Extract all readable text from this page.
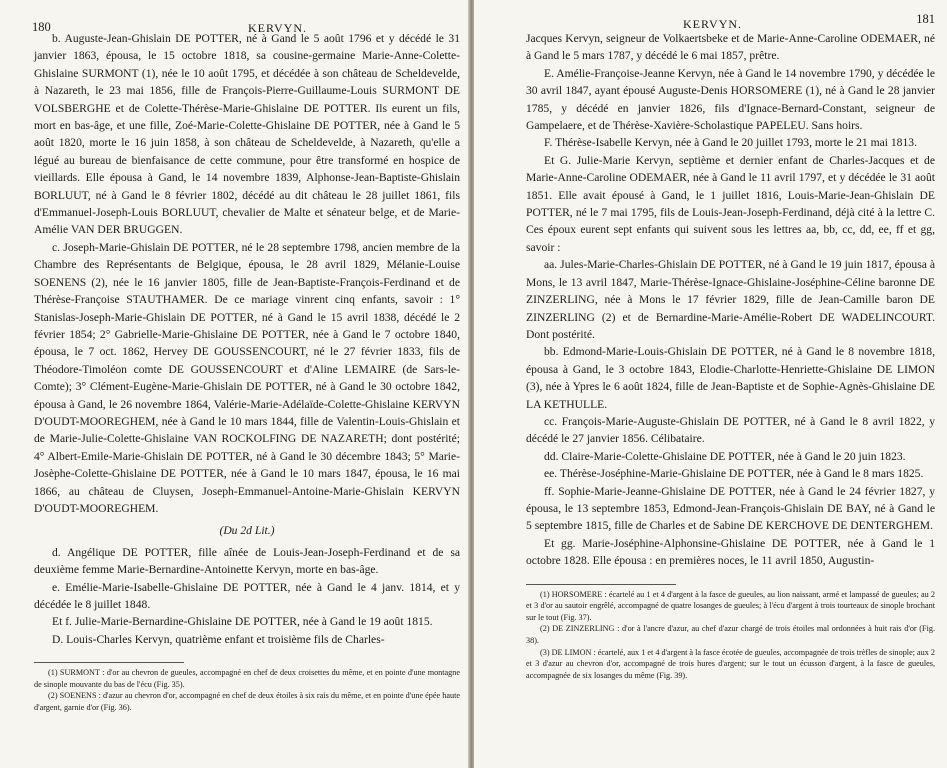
180	KERVYN.

b. Auguste-Jean-Ghislain DE POTTER, né à Gand le 5 août 1796 et y décédé le 31 janvier 1863, épousa, le 15 octobre 1818, sa cousine-germaine Marie-Anne-Colette-Ghislaine SURMONT (1), née le 10 août 1795, et décédée à son château de Scheldevelde, à Nazareth, le 23 mai 1856, fille de François-Pierre-Guillaume-Louis SURMONT DE VOLSBERGHE et de Colette-Thérèse-Marie-Ghislaine DE POTTER. Ils eurent un fils, mort en bas-âge, et une fille, Zoé-Marie-Colette-Ghislaine DE POTTER, née à Gand le 5 août 1820, morte le 16 juin 1858, à son château de Scheldevelde, à Nazareth, qu'elle a légué au bureau de bienfaisance de cette commune, pour être transformé en hospice de vieillards. Elle épousa à Gand, le 14 novembre 1839, Alphonse-Jean-Baptiste-Ghislain BORLUUT, né à Gand le 8 février 1802, décédé au dit château le 28 juillet 1861, fils d'Emmanuel-Joseph-Louis BORLUUT, chevalier de Malte et sénateur belge, et de Marie-Amélie VAN DER BRUGGEN.

c. Joseph-Marie-Ghislain DE POTTER, né le 28 septembre 1798, ancien membre de la Chambre des Représentants de Belgique, épousa, le 28 avril 1829, Mélanie-Louise SOENENS (2), née le 16 janvier 1805, fille de Jean-Baptiste-François-Ferdinand et de Thérèse-Françoise STAUTHAMER. De ce mariage vinrent cinq enfants, savoir : 1° Stanislas-Joseph-Marie-Ghislain DE POTTER, né à Gand le 15 avril 1838, décédé le 2 février 1854; 2° Gabrielle-Marie-Ghislaine DE POTTER, née à Gand le 7 octobre 1840, épousa, le 7 oct. 1862, Hervey DE GOUSSENCOURT, né le 27 février 1833, fils de Théodore-Timoléon comte DE GOUSSENCOURT et d'Aline LEMAIRE (de Sars-le-Comte); 3° Clément-Eugène-Marie-Ghislain DE POTTER, né à Gand le 30 octobre 1842, épousa à Gand, le 26 novembre 1864, Valérie-Marie-Adélaïde-Colette-Ghislaine KERVYN D'OUDT-MOOREGHEM, née à Gand le 10 mars 1844, fille de Valentin-Louis-Ghislain et de Marie-Julie-Colette-Ghislaine VAN ROCKOLFING DE NAZARETH; dont postérité; 4° Albert-Emile-Marie-Ghislain DE POTTER, né à Gand le 30 décembre 1843; 5° Marie-Josèphe-Colette-Ghislaine DE POTTER, née à Gand le 10 mars 1847, épousa, le 16 mai 1866, au château de Cluysen, Joseph-Emmanuel-Antoine-Marie-Ghislain KERVYN D'OUDT-MOOREGHEM.

(Du 2d Lit.)

d. Angélique DE POTTER, fille aînée de Louis-Jean-Joseph-Ferdinand et de sa deuxième femme Marie-Bernardine-Antoinette Kervyn, morte en bas-âge.

e. Emélie-Marie-Isabelle-Ghislaine DE POTTER, née à Gand le 4 janv. 1814, et y décédée le 8 juillet 1848.

Et f. Julie-Marie-Bernardine-Ghislaine DE POTTER, née à Gand le 19 août 1815.

D. Louis-Charles Kervyn, quatrième enfant et troisième fils de Charles-

(1) SURMONT : d'or au chevron de gueules, accompagné en chef de deux croisettes du même, et en pointe d'une montagne de sinople mouvante du bas de l'écu (Fig. 35).

(2) SOENENS : d'azur au chevron d'or, accompagné en chef de deux étoiles à six rais du même, et en pointe d'une épée haute d'argent, garnie d'or (Fig. 36).

KERVYN.	181

Jacques Kervyn, seigneur de Volkaertsbeke et de Marie-Anne-Caroline ODEMAER, né à Gand le 5 mars 1787, y décédé le 6 mai 1857, prêtre.

E. Amélie-Françoise-Jeanne Kervyn, née à Gand le 14 novembre 1790, y décédée le 30 avril 1847, ayant épousé Auguste-Denis HORSOMERE (1), né à Gand le 28 janvier 1785, y décédé en janvier 1826, fils d'Ignace-Bernard-Constant, seigneur de Gampelaere, et de Thérèse-Xavière-Scholastique PAPELEU. Sans hoirs.

F. Thérèse-Isabelle Kervyn, née à Gand le 20 juillet 1793, morte le 21 mai 1813.

Et G. Julie-Marie Kervyn, septième et dernier enfant de Charles-Jacques et de Marie-Anne-Caroline ODEMAER, née à Gand le 11 avril 1797, et y décédée le 31 août 1851. Elle avait épousé à Gand, le 1 juillet 1816, Louis-Marie-Jean-Ghislain DE POTTER, né le 7 mai 1795, fils de Louis-Jean-Joseph-Ferdinand, déjà cité à la lettre C. Ces époux eurent sept enfants qui suivent sous les lettres aa, bb, cc, dd, ee, ff et gg, savoir :

aa. Jules-Marie-Charles-Ghislain DE POTTER, né à Gand le 19 juin 1817, épousa à Mons, le 13 avril 1847, Marie-Thérèse-Ignace-Ghislaine-Joséphine-Céline baronne DE ZINZERLING, née à Mons le 17 février 1829, fille de Jean-Camille baron DE ZINZERLING (2) et de Bernardine-Marie-Amélie-Robert DE WADELINCOURT. Dont postérité.

bb. Edmond-Marie-Louis-Ghislain DE POTTER, né à Gand le 8 novembre 1818, épousa à Gand, le 3 octobre 1843, Elodie-Charlotte-Henriette-Ghislaine DE LIMON (3), née à Ypres le 6 août 1824, fille de Jean-Baptiste et de Sophie-Agnès-Ghislaine DE LA KETHULLE.

cc. François-Marie-Auguste-Ghislain DE POTTER, né à Gand le 8 avril 1822, y décédé le 27 janvier 1856. Célibataire.

dd. Claire-Marie-Colette-Ghislaine DE POTTER, née à Gand le 20 juin 1823.

ee. Thérèse-Joséphine-Marie-Ghislaine DE POTTER, née à Gand le 8 mars 1825.

ff. Sophie-Marie-Jeanne-Ghislaine DE POTTER, née à Gand le 24 février 1827, y épousa, le 13 septembre 1853, Edmond-Jean-François-Ghislain DE BAY, né à Gand le 5 septembre 1815, fille de Charles et de Sabine DE KERCHOVE DE DENTERGHEM.

Et gg. Marie-Joséphine-Alphonsine-Ghislaine DE POTTER, née à Gand le 1 octobre 1828. Elle épousa : en premières noces, le 11 avril 1850, Augustin-

(1) HORSOMERE : écartelé au 1 et 4 d'argent à la fasce de gueules, au lion naissant, armé et lampassé de gueules; au 2 et 3 d'or au sautoir engrêlé, accompagné de quatre losanges de gueules; à l'écu d'argent à trois tourteaux de sinople brochant sur le tout (Fig. 37).

(2) DE ZINZERLING : d'or à l'ancre d'azur, au chef d'azur chargé de trois étoiles mal ordonnées à huit rais d'or (Fig. 38).

(3) DE LIMON : écartelé, aux 1 et 4 d'argent à la fasce écotée de gueules, accompagnée de trois trèfles de sinople; aux 2 et 3 d'azur au chevron d'or, accompagné de trois hures d'argent; sur le tout un écusson d'argent, à la fasce de gueules, accompagnée de six losanges du même (Fig. 39).
